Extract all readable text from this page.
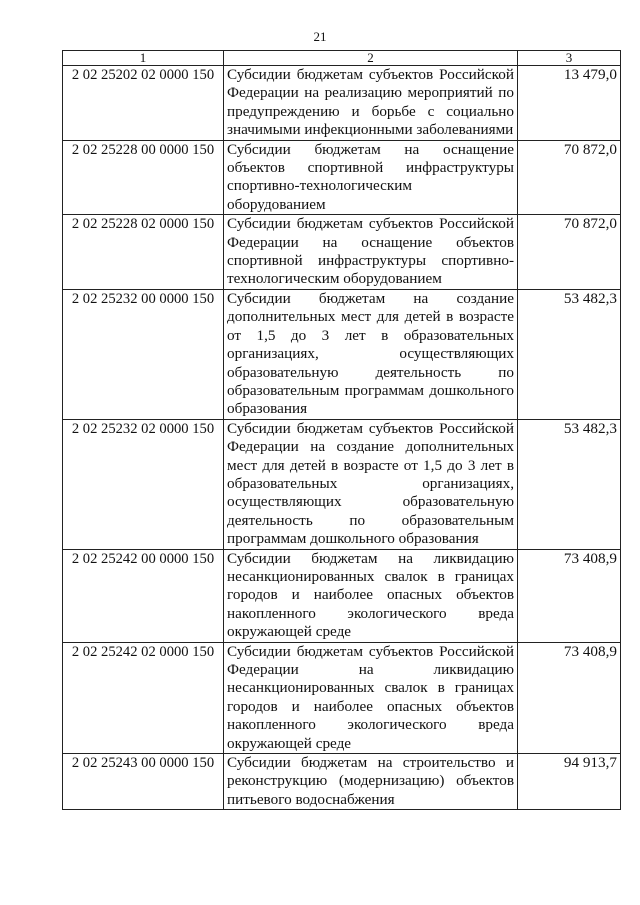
21
1	2	3
2 02 25202 02 0000 150	Субсидии бюджетам субъектов Российской Федерации на реализацию мероприятий по предупреждению и борьбе с социально значимыми инфекционными заболеваниями	13 479,0
2 02 25228 00 0000 150	Субсидии бюджетам на оснащение объектов спортивной инфраструктуры спортивно-технологическим оборудованием	70 872,0
2 02 25228 02 0000 150	Субсидии бюджетам субъектов Российской Федерации на оснащение объектов спортивной инфраструктуры спортивно-технологическим оборудованием	70 872,0
2 02 25232 00 0000 150	Субсидии бюджетам на создание дополнительных мест для детей в возрасте от 1,5 до 3 лет в образовательных организациях, осуществляющих образовательную деятельность по образовательным программам дошкольного образования	53 482,3
2 02 25232 02 0000 150	Субсидии бюджетам субъектов Российской Федерации на создание дополнительных мест для детей в возрасте от 1,5 до 3 лет в образовательных организациях, осуществляющих образовательную деятельность по образовательным программам дошкольного образования	53 482,3
2 02 25242 00 0000 150	Субсидии бюджетам на ликвидацию несанкционированных свалок в границах городов и наиболее опасных объектов накопленного экологического вреда окружающей среде	73 408,9
2 02 25242 02 0000 150	Субсидии бюджетам субъектов Российской Федерации на ликвидацию несанкционированных свалок в границах городов и наиболее опасных объектов накопленного экологического вреда окружающей среде	73 408,9
2 02 25243 00 0000 150	Субсидии бюджетам на строительство и реконструкцию (модернизацию) объектов питьевого водоснабжения	94 913,7
